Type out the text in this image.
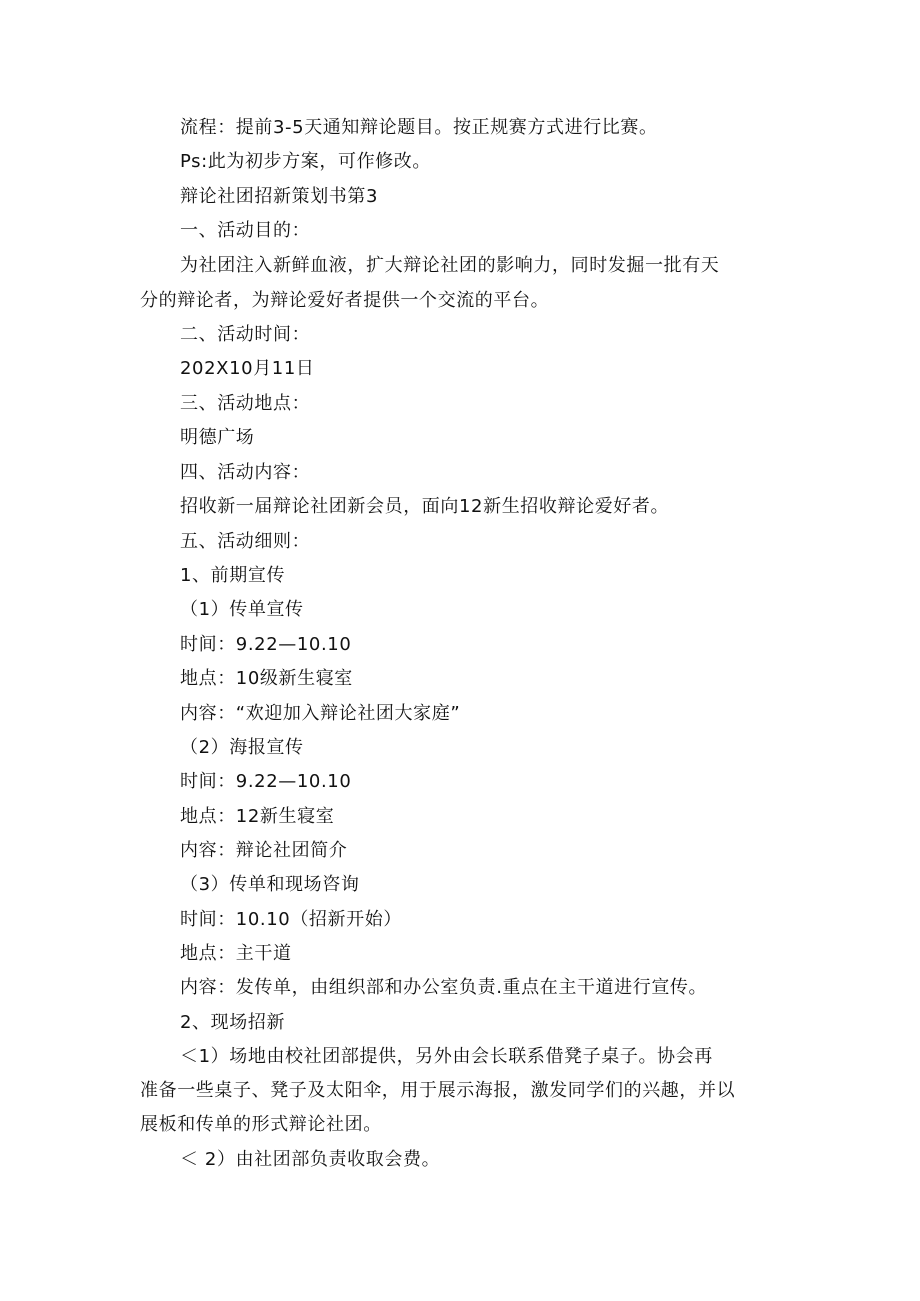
流程：提前3-5天通知辩论题目。按正规赛方式进行比赛。
Ps:此为初步方案，可作修改。
辩论社团招新策划书第3
一、活动目的：
为社团注入新鲜血液，扩大辩论社团的影响力，同时发掘一批有天
分的辩论者，为辩论爱好者提供一个交流的平台。
二、活动时间：
202X10月11日
三、活动地点：
明德广场
四、活动内容：
招收新一届辩论社团新会员，面向12新生招收辩论爱好者。
五、活动细则：
1、前期宣传
（1）传单宣传
时间：9.22—10.10
地点：10级新生寝室
内容：“欢迎加入辩论社团大家庭”
（2）海报宣传
时间：9.22—10.10
地点：12新生寝室
内容：辩论社团简介
（3）传单和现场咨询
时间：10.10（招新开始）
地点：主干道
内容：发传单，由组织部和办公室负责.重点在主干道进行宣传。
2、现场招新
＜1）场地由校社团部提供，另外由会长联系借凳子桌子。协会再
准备一些桌子、凳子及太阳伞，用于展示海报，激发同学们的兴趣，并以
展板和传单的形式辩论社团。
＜ 2）由社团部负责收取会费。
